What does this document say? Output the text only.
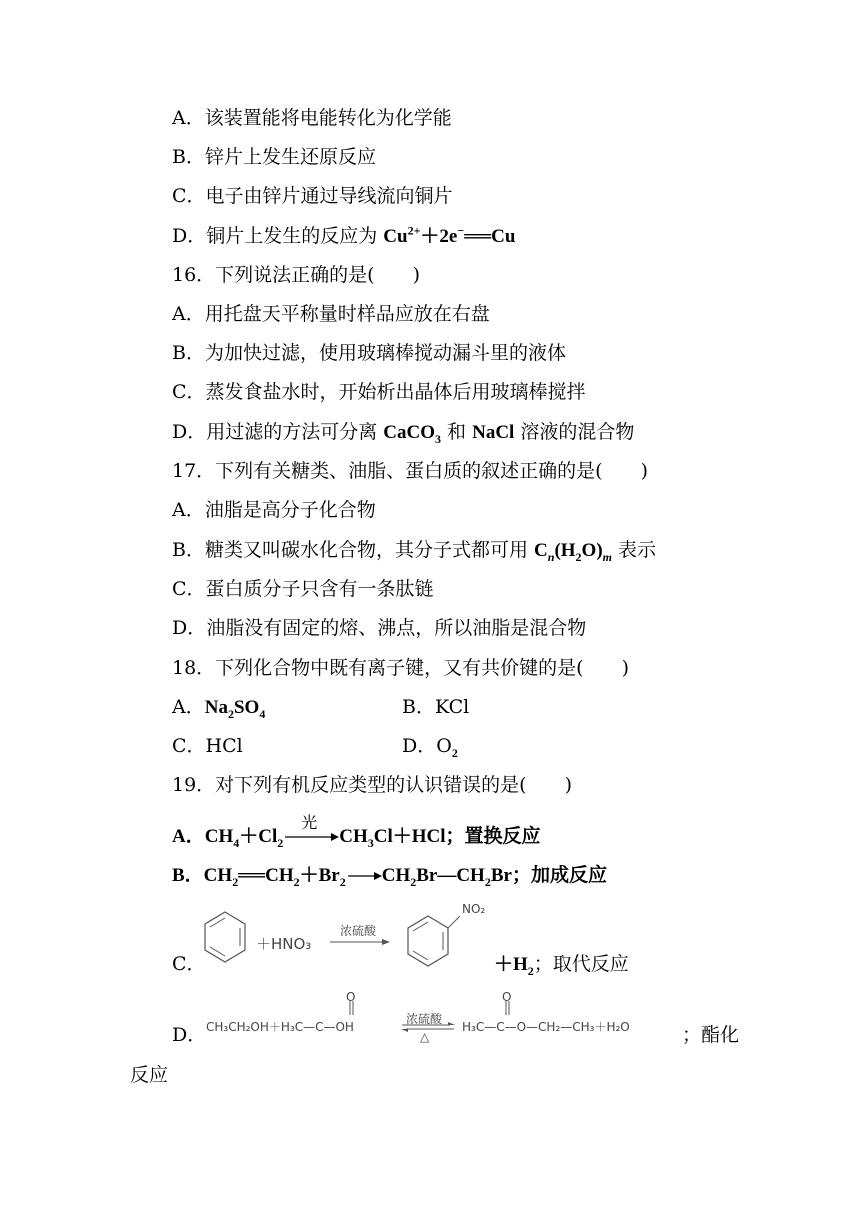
A．该装置能将电能转化为化学能
B．锌片上发生还原反应
C．电子由锌片通过导线流向铜片
D．铜片上发生的反应为 $Cu^{2+}+2e^-══Cu$
16．下列说法正确的是(　　)
A．用托盘天平称量时样品应放在右盘
B．为加快过滤，使用玻璃棒搅动漏斗里的液体
C．蒸发食盐水时，开始析出晶体后用玻璃棒搅拌
D．用过滤的方法可分离 CaCO$_3$ 和 NaCl 溶液的混合物
17．下列有关糖类、油脂、蛋白质的叙述正确的是(　　)
A．油脂是高分子化合物
B．糖类又叫碳水化合物，其分子式都可用 $C_n(H_2O)_m$ 表示
C．蛋白质分子只含有一条肽链
D．油脂没有固定的熔、沸点，所以油脂是混合物
18．下列化合物中既有离子键，又有共价键的是(　　)
A．$Na_2SO_4$	B．KCl
C．HCl	D．$O_2$
19．对下列有机反应类型的认识错误的是(　　)
A．$CH_4+Cl_2$
光
$CH_3Cl+HCl$；置换反应
B．$CH_2══CH_2+Br_2$ $CH_2Br—CH_2Br$；加成反应
C．
＋HNO₃
浓硫酸
NO₂
$+H_2$；取代反应
D． CH₃CH₂OH＋H₃C—C—OH
O
浓硫酸
△
H₃C—C—O—CH₂—CH₃＋H₂O
O
；酯化
反应
